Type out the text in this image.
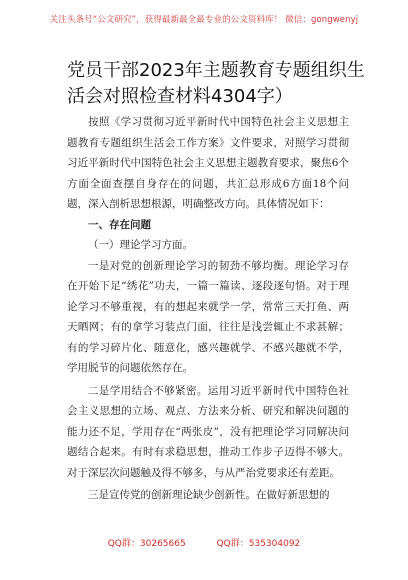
关注头条号“公文研究”，获得最新最全最专业的公文资料库！ 微信：gongwenyj
党员干部2023年主题教育专题组织生活会对照检查材料4304字）

按照《学习贯彻习近平新时代中国特色社会主义思想主题教育专题组织生活会工作方案》文件要求，对照学习贯彻习近平新时代中国特色社会主义思想主题教育要求，聚焦6个方面全面查摆自身存在的问题，共汇总形成6方面18个问题，深入剖析思想根源，明确整改方向。具体情况如下：

一、存在问题

（一）理论学习方面。

一是对党的创新理论学习的韧劲不够均衡。理论学习存在开始下足“绣花”功夫，一篇一篇读、逐段逐句悟。对于理论学习不够重视，有的想起来就学一学，常常三天打鱼、两天晒网；有的拿学习装点门面，往往是浅尝辄止不求甚解；有的学习碎片化、随意化，感兴趣就学、不感兴趣就不学，学用脱节的问题依然存在。

二是学用结合不够紧密。运用习近平新时代中国特色社会主义思想的立场、观点、方法来分析、研究和解决问题的能力还不足，学用存在“两张皮”，没有把理论学习同解决问题结合起来。有时有求稳思想，推动工作步子迈得不够大。对于深层次问题触及得不够多，与从严治党要求还有差距。

三是宣传党的创新理论缺少创新性。在做好新思想的

QQ群：30265665	QQ群：535304092
